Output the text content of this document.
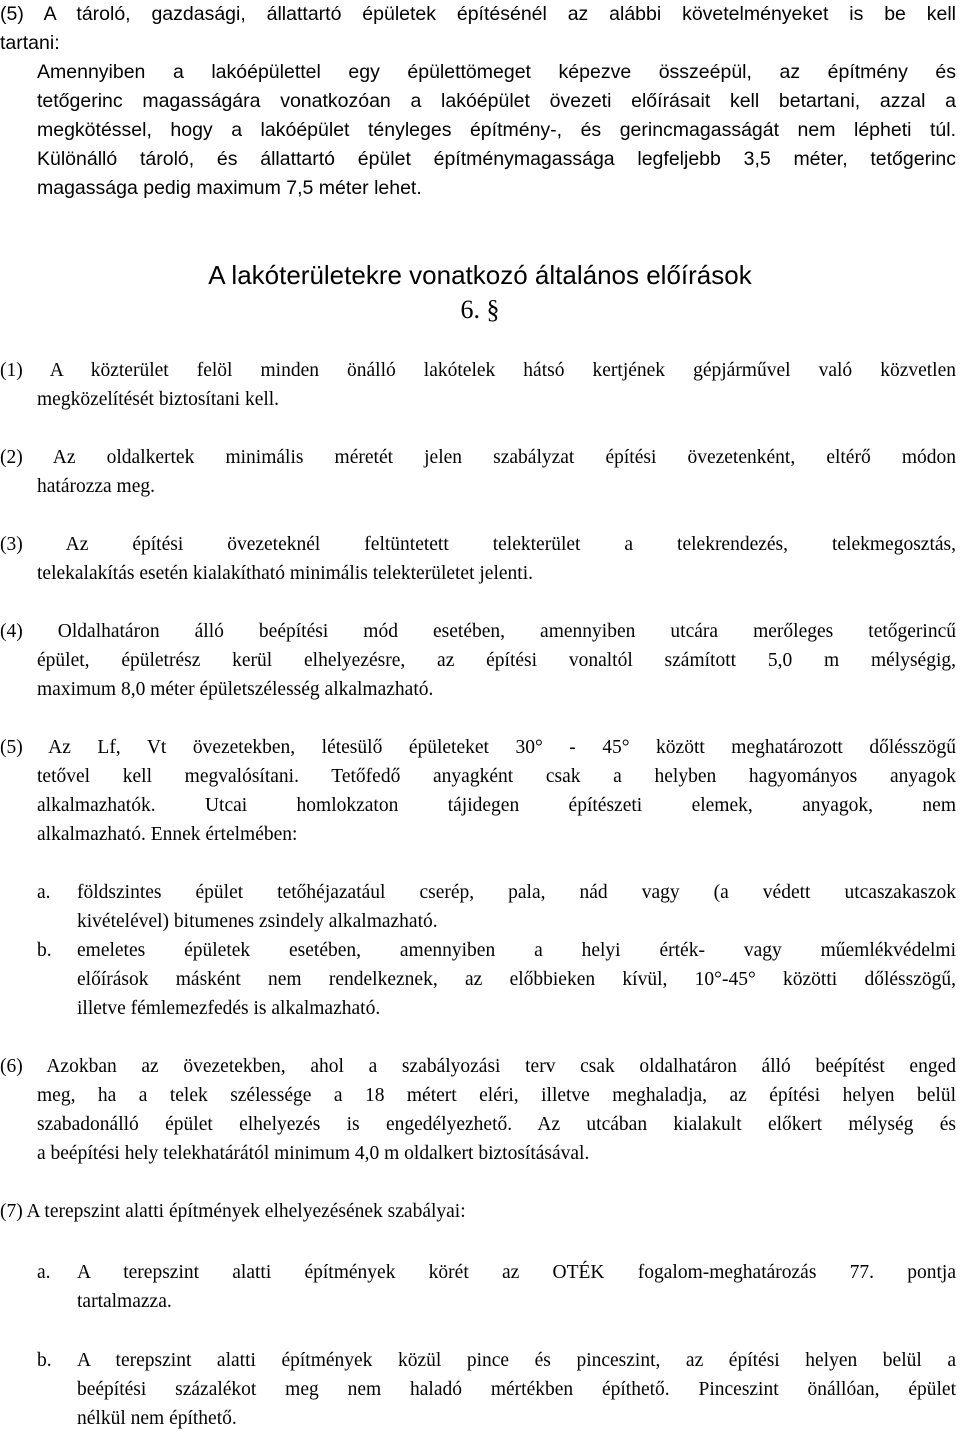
(5) A tároló, gazdasági, állattartó épületek építésénél az alábbi követelményeket is be kell
tartani:
Amennyiben a lakóépülettel egy épülettömeget képezve összeépül, az építmény és
tetőgerinc magasságára vonatkozóan a lakóépület övezeti előírásait kell betartani, azzal a
megkötéssel, hogy a lakóépület tényleges építmény-, és gerincmagasságát nem lépheti túl.
Különálló tároló, és állattartó épület építménymagassága legfeljebb 3,5 méter, tetőgerinc
magassága pedig maximum 7,5 méter lehet.
A lakóterületekre vonatkozó általános előírások
6. §
(1) A közterület felöl minden önálló lakótelek hátsó kertjének gépjárművel való közvetlen
megközelítését biztosítani kell.
(2) Az oldalkertek minimális méretét jelen szabályzat építési övezetenként, eltérő módon
határozza meg.
(3) Az építési övezeteknél feltüntetett telekterület a telekrendezés, telekmegosztás,
telekalakítás esetén kialakítható minimális telekterületet jelenti.
(4) Oldalhatáron álló beépítési mód esetében, amennyiben utcára merőleges tetőgerincű
épület, épületrész kerül elhelyezésre, az építési vonaltól számított 5,0 m mélységig,
maximum 8,0 méter épületszélesség alkalmazható.
(5) Az Lf, Vt övezetekben, létesülő épületeket 30° - 45° között meghatározott dőlésszögű
tetővel kell megvalósítani. Tetőfedő anyagként csak a helyben hagyományos anyagok
alkalmazhatók. Utcai homlokzaton tájidegen építészeti elemek, anyagok, nem
alkalmazható. Ennek értelmében:
a.	földszintes épület tetőhéjazatául cserép, pala, nád vagy (a védett utcaszakaszok
kivételével) bitumenes zsindely alkalmazható.
b.	emeletes épületek esetében, amennyiben a helyi érték- vagy műemlékvédelmi
előírások másként nem rendelkeznek, az előbbieken kívül, 10°-45° közötti dőlésszögű,
illetve fémlemezfedés is alkalmazható.
(6) Azokban az övezetekben, ahol a szabályozási terv csak oldalhatáron álló beépítést enged
meg, ha a telek szélessége a 18 métert eléri, illetve meghaladja, az építési helyen belül
szabadonálló épület elhelyezés is engedélyezhető. Az utcában kialakult előkert mélység és
a beépítési hely telekhatárától minimum 4,0 m oldalkert biztosításával.
(7) A terepszint alatti építmények elhelyezésének szabályai:
a.	A terepszint alatti építmények körét az OTÉK fogalom-meghatározás 77. pontja
tartalmazza.
b.	A terepszint alatti építmények közül pince és pinceszint, az építési helyen belül a
beépítési százalékot meg nem haladó mértékben építhető. Pinceszint önállóan, épület
nélkül nem építhető.
